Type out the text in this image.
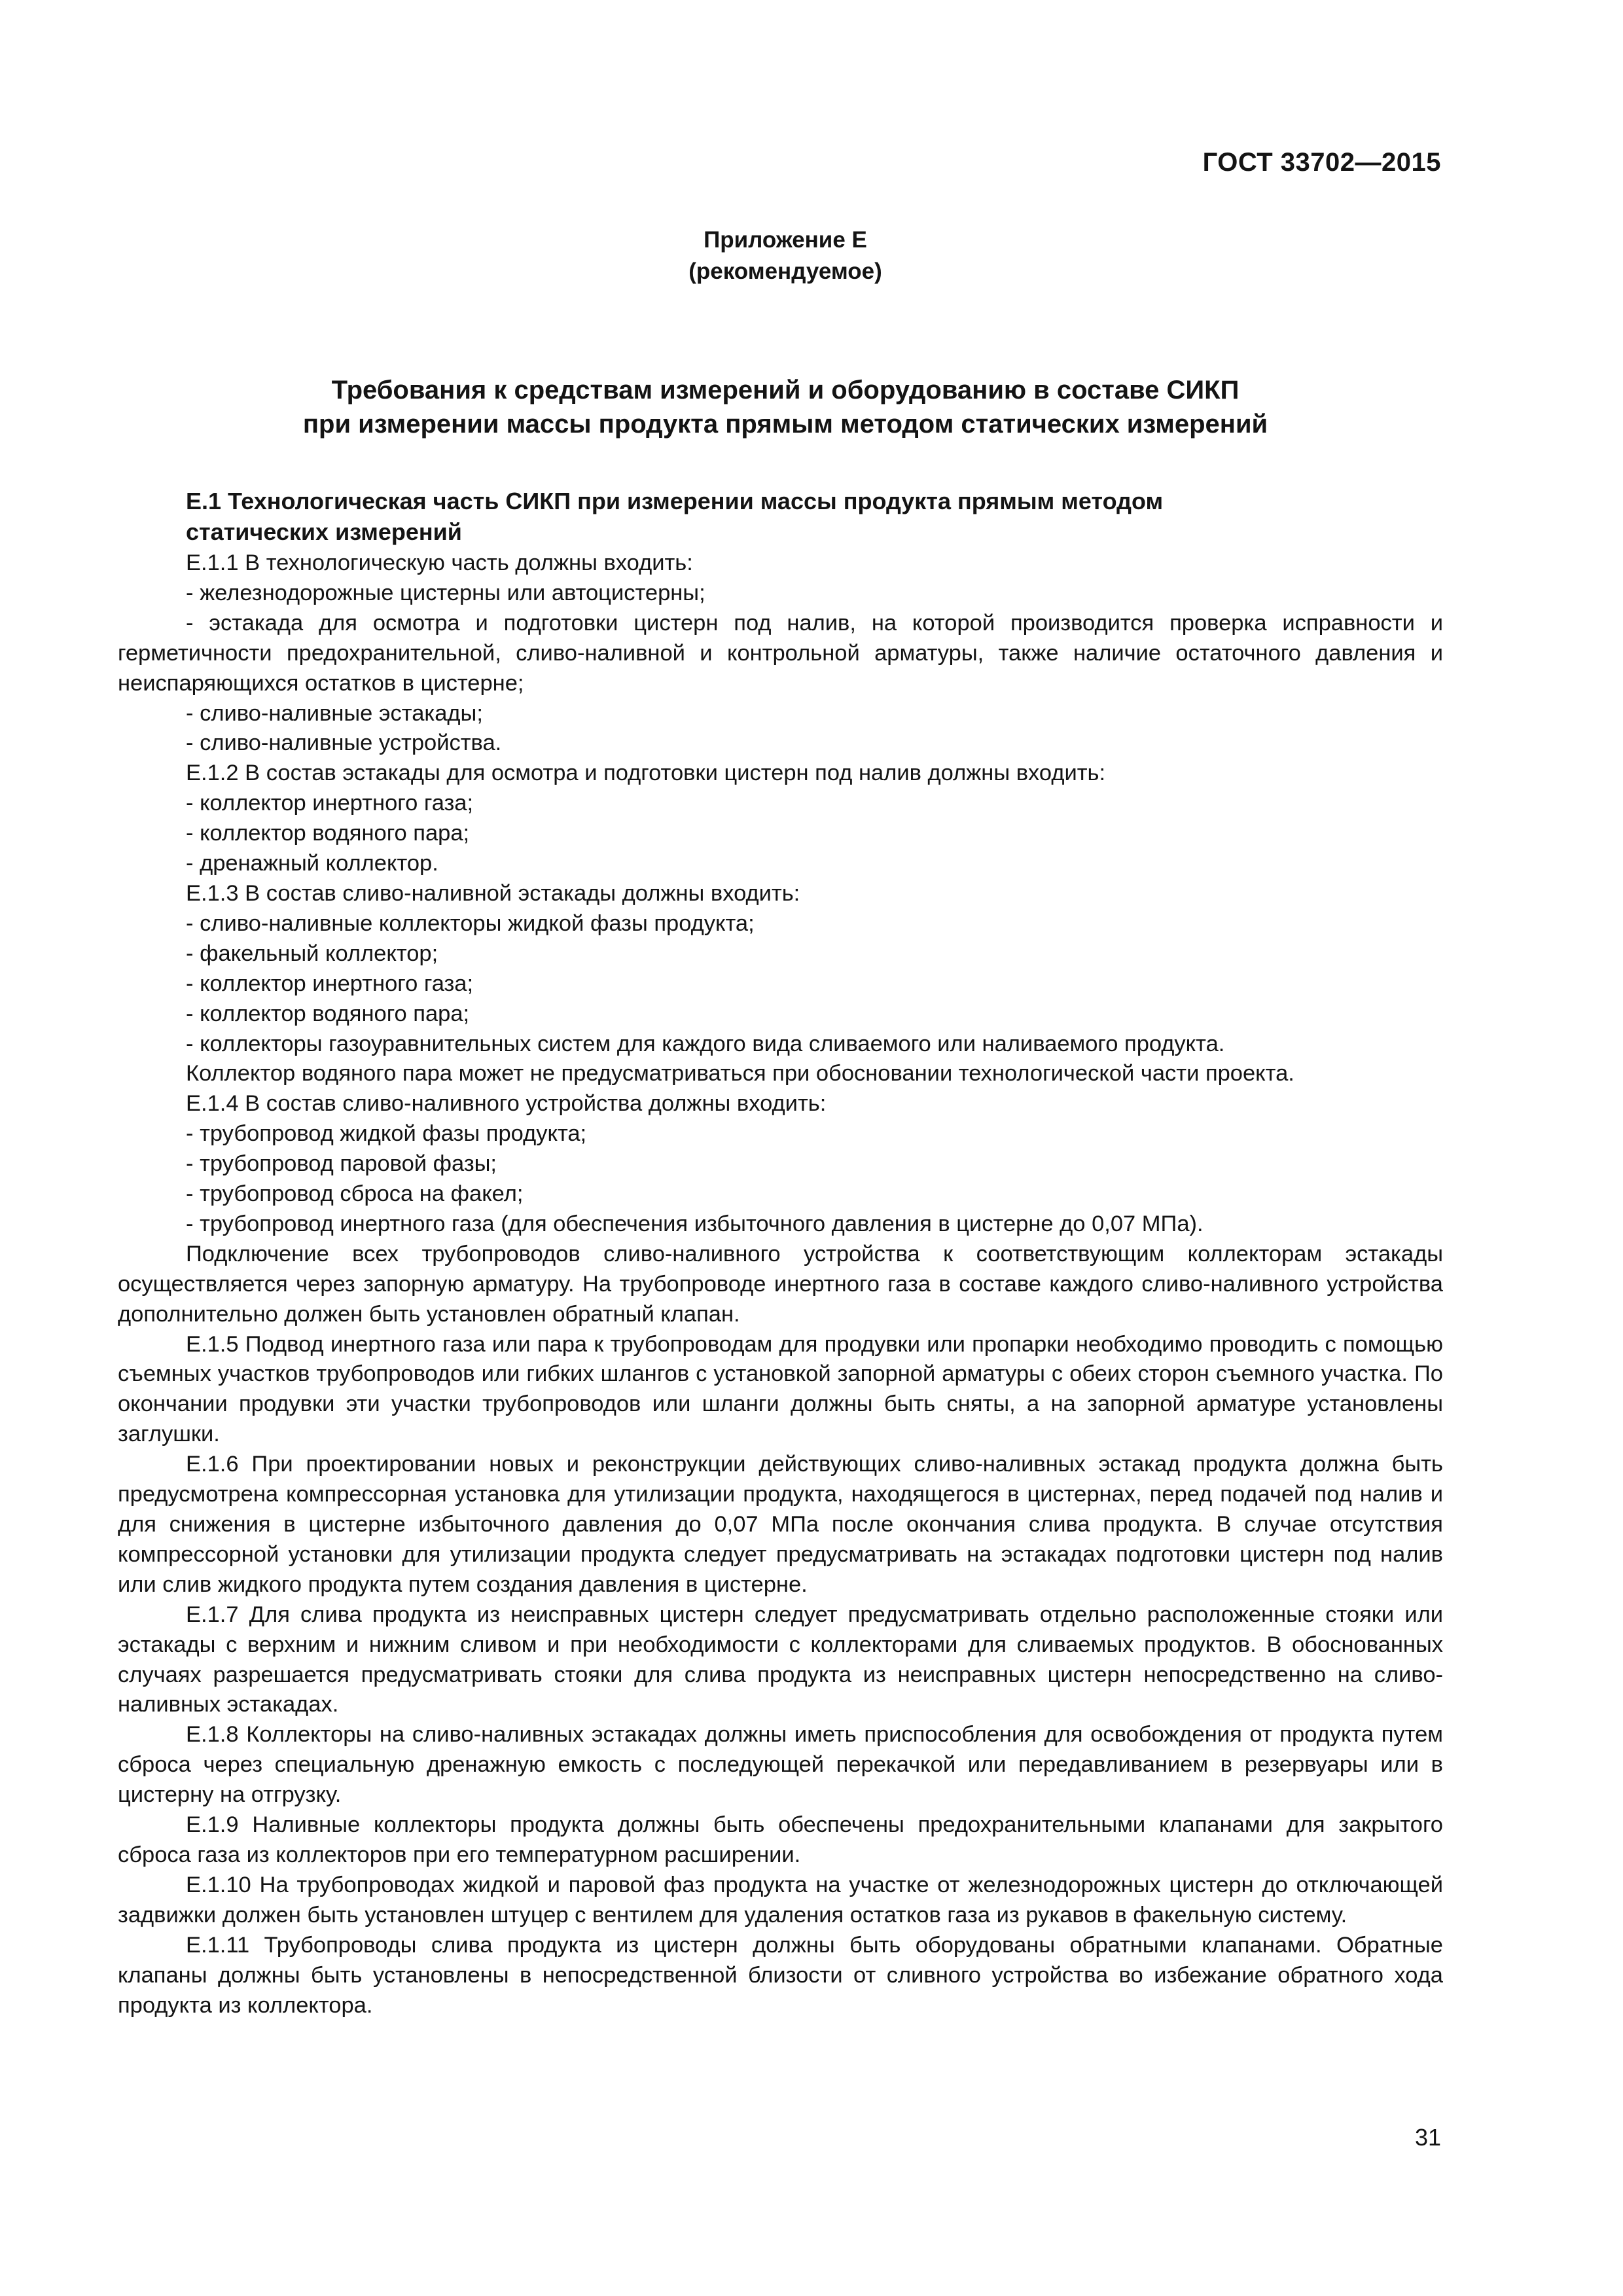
ГОСТ 33702—2015
Приложение Е
(рекомендуемое)
Требования к средствам измерений и оборудованию в составе СИКП
при измерении массы продукта прямым методом статических измерений
Е.1 Технологическая часть СИКП при измерении массы продукта прямым методом
статических измерений

Е.1.1 В технологическую часть должны входить:

- железнодорожные цистерны или автоцистерны;

- эстакада для осмотра и подготовки цистерн под налив, на которой производится проверка исправности и герметичности предохранительной, сливо-наливной и контрольной арматуры, также наличие остаточного давления и неиспаряющихся остатков в цистерне;

- сливо-наливные эстакады;

- сливо-наливные устройства.

Е.1.2 В состав эстакады для осмотра и подготовки цистерн под налив должны входить:

- коллектор инертного газа;

- коллектор водяного пара;

- дренажный коллектор.

Е.1.3 В состав сливо-наливной эстакады должны входить:

- сливо-наливные коллекторы жидкой фазы продукта;

- факельный коллектор;

- коллектор инертного газа;

- коллектор водяного пара;

- коллекторы газоуравнительных систем для каждого вида сливаемого или наливаемого продукта.

Коллектор водяного пара может не предусматриваться при обосновании технологической части проекта.

Е.1.4 В состав сливо-наливного устройства должны входить:

- трубопровод жидкой фазы продукта;

- трубопровод паровой фазы;

- трубопровод сброса на факел;

- трубопровод инертного газа (для обеспечения избыточного давления в цистерне до 0,07 МПа).

Подключение всех трубопроводов сливо-наливного устройства к соответствующим коллекторам эстакады осуществляется через запорную арматуру. На трубопроводе инертного газа в составе каждого сливо-наливного устройства дополнительно должен быть установлен обратный клапан.

Е.1.5 Подвод инертного газа или пара к трубопроводам для продувки или пропарки необходимо проводить с помощью съемных участков трубопроводов или гибких шлангов с установкой запорной арматуры с обеих сторон съемного участка. По окончании продувки эти участки трубопроводов или шланги должны быть сняты, а на запорной арматуре установлены заглушки.

Е.1.6 При проектировании новых и реконструкции действующих сливо-наливных эстакад продукта должна быть предусмотрена компрессорная установка для утилизации продукта, находящегося в цистернах, перед подачей под налив и для снижения в цистерне избыточного давления до 0,07 МПа после окончания слива продукта. В случае отсутствия компрессорной установки для утилизации продукта следует предусматривать на эстакадах подготовки цистерн под налив или слив жидкого продукта путем создания давления в цистерне.

Е.1.7 Для слива продукта из неисправных цистерн следует предусматривать отдельно расположенные стояки или эстакады с верхним и нижним сливом и при необходимости с коллекторами для сливаемых продуктов. В обоснованных случаях разрешается предусматривать стояки для слива продукта из неисправных цистерн непосредственно на сливо-наливных эстакадах.

Е.1.8 Коллекторы на сливо-наливных эстакадах должны иметь приспособления для освобождения от продукта путем сброса через специальную дренажную емкость с последующей перекачкой или передавливанием в резервуары или в цистерну на отгрузку.

Е.1.9 Наливные коллекторы продукта должны быть обеспечены предохранительными клапанами для закрытого сброса газа из коллекторов при его температурном расширении.

Е.1.10 На трубопроводах жидкой и паровой фаз продукта на участке от железнодорожных цистерн до отключающей задвижки должен быть установлен штуцер с вентилем для удаления остатков газа из рукавов в факельную систему.

Е.1.11 Трубопроводы слива продукта из цистерн должны быть оборудованы обратными клапанами. Обратные клапаны должны быть установлены в непосредственной близости от сливного устройства во избежание обратного хода продукта из коллектора.

31
